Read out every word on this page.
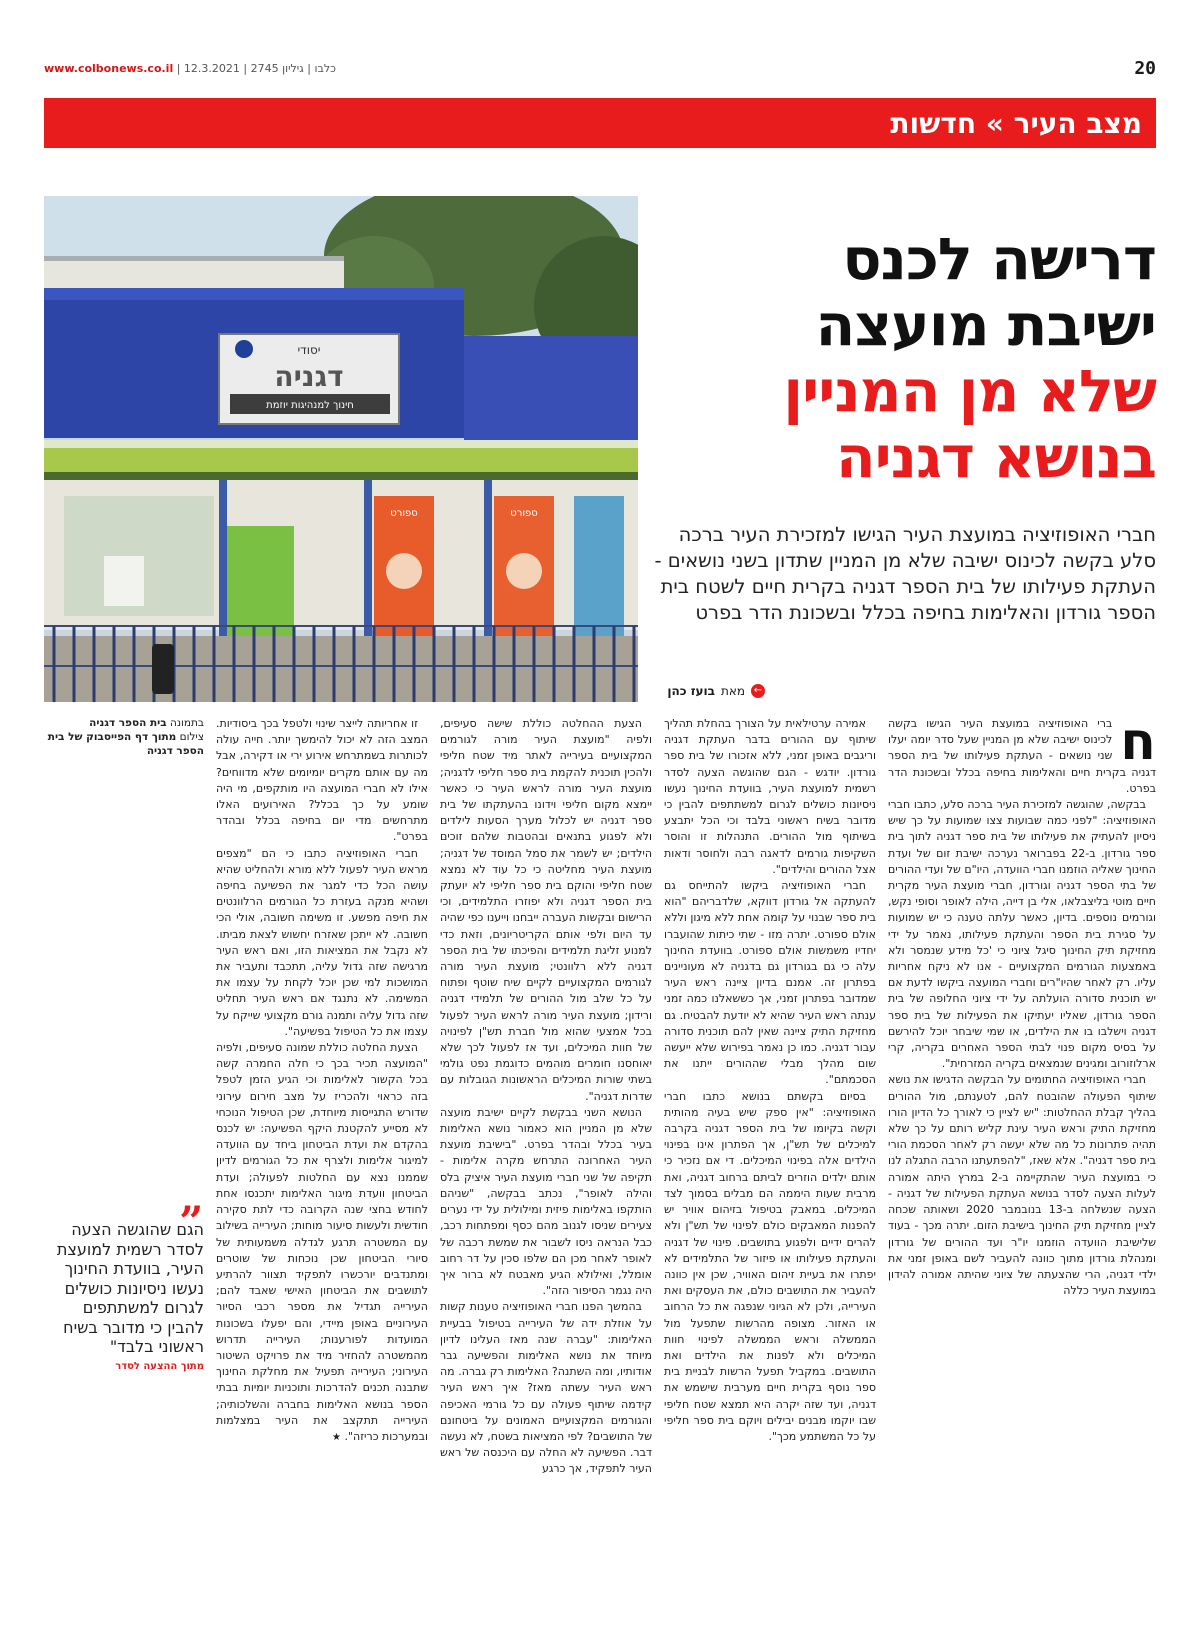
www.colbonews.co.il | כלבו | גיליון 2745 | 12.3.2021	20
מצב העיר » חדשות
יסודי
דגניה
חינוך למנהיגות יוזמת
ספורט	ספורט
דרישה לכנס
ישיבת מועצה
שלא מן המניין
בנושא דגניה
חברי האופוזיציה במועצת העיר הגישו למזכירת העיר ברכה סלע בקשה לכינוס ישיבה שלא מן המניין שתדון בשני נושאים - העתקת פעילותו של בית הספר דגניה בקרית חיים לשטח בית הספר גורדון והאלימות בחיפה בכלל ובשכונת הדר בפרט
←
מאת
בועז כהן

ח
ברי האופוזיציה במועצת העיר הגישו בקשה לכינוס ישיבה שלא מן המניין שעל סדר יומה יעלו שני נושאים - העתקת פעילותו של בית הספר דגניה בקרית חיים והאלימות בחיפה בכלל ובשכונת הדר בפרט.

בבקשה, שהוגשה למזכירת העיר ברכה סלע, כתבו חברי האופוזיציה: "לפני כמה שבועות צצו שמועות על כך שיש ניסיון להעתיק את פעילותו של בית ספר דגניה לתוך בית ספר גורדון. ב-22 בפברואר נערכה ישיבת זום של ועדת החינוך שאליה הוזמנו חברי הוועדה, היו"ם של ועדי ההורים של בתי הספר דגניה וגורדון, חברי מועצת העיר מקרית חיים מוטי בליצבלאו, אלי בן דייה, הילה לאופר וסופי נקש, וגורמים נוספים. בדיון, כאשר עלתה טענה כי יש שמועות על סגירת בית הספר והעתקת פעילותו, נאמר על ידי מחזיקת תיק החינוך סיגל ציוני כי 'כל מידע שנמסר ולא באמצעות הגורמים המקצועיים - אנו לא ניקח אחריות עליו. רק לאחר שהיו"רים וחברי המועצה ביקשו לדעת אם יש תוכנית סדורה הועלתה על ידי ציוני החלופה של בית הספר גורדון, שאליו יעתיקו את הפעילות של בית ספר דגניה וישלבו בו את הילדים, או שמי שיבחר יוכל להירשם על בסיס מקום פנוי לבתי הספר האחרים בקריה, קרי ארלוזורוב ומגינים שנמצאים בקריה המזרחית".

חברי האופוזיציה החתומים על הבקשה הדגישו את נושא שיתוף הפעולה שהובטח להם, לטענתם, מול ההורים בהליך קבלת ההחלטות: "יש לציין כי לאורך כל הדיון הורו מחזיקת התיק וראש העיר עינת קליש רותם על כך שלא תהיה פתרונות כל מה שלא יעשה רק לאחר הסכמת הורי בית ספר דגניה". אלא שאז, "להפתעתנו הרבה התגלה לנו כי במועצת העיר שהתקיימה ב-2 במרץ היתה אמורה לעלות הצעה לסדר בנושא העתקת הפעילות של דגניה - הצעה שנשלחה ב-13 בנובמבר 2020 ושאותה שכחה לציין מחזיקת תיק החינוך בישיבת הזום. יתרה מכך - בעוד שלישיבת הוועדה הוזמנו יו"ר ועד ההורים של גורדון ומנהלת גורדון מתוך כוונה להעביר לשם באופן זמני את ילדי דגניה, הרי שהצעתה של ציוני שהיתה אמורה להידון במועצת העיר כללה

אמירה ערטילאית על הצורך בהחלת תהליך שיתוף עם ההורים בדבר העתקת דגניה וריגבים באופן זמני, ללא אזכורו של בית ספר גורדון. יודגש - הגם שהוגשה הצעה לסדר רשמית למועצת העיר, בוועדת החינוך נעשו ניסיונות כושלים לגרום למשתתפים להבין כי מדובר בשיח ראשוני בלבד וכי הכל יתבצע בשיתוף מול ההורים. התנהלות זו והוסר השקיפות גורמים לדאגה רבה ולחוסר ודאות אצל ההורים והילדים".

חברי האופוזיציה ביקשו להתייחס גם להעתקה אל גורדון דווקא, שלדבריהם "הוא בית ספר שבנוי על קומה אחת ללא מיגון וללא אולם ספורט. יתרה מזו - שתי כיתות שהועברו יחדיו משמשות אולם ספורט. בוועדת החינוך עלה כי גם בגורדון גם בדגניה לא מעוניינים בפתרון זה. אמנם בדיון ציינה ראש העיר שמדובר בפתרון זמני, אך כששאלנו כמה זמני ענתה ראש העיר שהיא לא יודעת להבטיח. גם מחזיקת התיק ציינה שאין להם תוכנית סדורה עבור דגניה. כמו כן נאמר בפירוש שלא ייעשה שום מהלך מבלי שההורים ייתנו את הסכמתם".

בסיום בקשתם בנושא כתבו חברי האופוזיציה: "אין ספק שיש בעיה מהותית וקשה בקיומו של בית הספר דגניה בקרבה למיכלים של תש"ן, אך הפתרון אינו בפינוי הילדים אלה בפינוי המיכלים. די אם נזכיר כי אותם ילדים הוזרים לביתם ברחוב דגניה, ואת מרבית שעות היממה הם מבלים בסמוך לצד המיכלים. במאבק בטיפול בזיהום אוויר יש להפנות המאבקים כולם לפינוי של תש"ן ולא להרים ידיים ולפגוע בתושבים. פינוי של דגניה והעתקת פעילותו או פיזור של התלמידים לא יפתרו את בעיית זיהום האוויר, שכן אין כוונה להעביר את התושבים כולם, את העסקים ואת העירייה, ולכן לא הגיוני שנפגה את כל הרחוב או האזור. מצופה מהרשות שתפעל מול הממשלה וראש הממשלה לפינוי חוות המיכלים ולא לפנות את הילדים ואת התושבים. במקביל תפעל הרשות לבניית בית ספר נוסף בקרית חיים מערבית שישמש את דגניה, ועד שזה יקרה היא תמצא שטח חליפי שבו יוקמו מבנים יבילים ויוקם בית ספר חליפי על כל המשתמע מכך".

הצעת ההחלטה כוללת שישה סעיפים, ולפיה "מועצת העיר מורה לגורמים המקצועיים בעירייה לאתר מיד שטח חליפי ולהכין תוכנית להקמת בית ספר חליפי לדגניה; מועצת העיר מורה לראש העיר כי כאשר יימצא מקום חליפי וידונו בהעתקתו של בית ספר דגניה יש לכלול מערך הסעות לילדים ולא לפגוע בתנאים ובהטבות שלהם זוכים הילדים; יש לשמר את סמל המוסד של דגניה; מועצת העיר מחליטה כי כל עוד לא נמצא שטח חליפי והוקם בית ספר חליפי לא יועתק בית הספר דגניה ולא יפוזרו התלמידים, וכי הרישום ובקשות העברה ייבחנו וייענו כפי שהיה עד היום ולפי אותם הקריטריונים, וזאת כדי למנוע זליגת תלמידים והפיכתו של בית הספר דגניה ללא רלוונטי; מועצת העיר מורה לגורמים המקצועיים לקיים שיח שוטף ופתוח על כל שלב מול ההורים של תלמידי דגניה ורידון; מועצת העיר מורה לראש העיר לפעול בכל אמצעי שהוא מול חברת תש"ן לפינויה של חוות המיכלים, ועד אז לפעול לכך שלא יאוחסנו חומרים מוהמים כדוגמת נפט גולמי בשתי שורות המיכלים הראשונות הגובלות עם שדרות דגניה".

הנושא השני בבקשת לקיים ישיבת מועצה שלא מן המניין הוא כאמור נושא האלימות בעיר בכלל ובהדר בפרט. "בישיבת מועצת העיר האחרונה התרחש מקרה אלימות - תקיפה של שני חברי מועצת העיר איציק בלס והילה לאופר", נכתב בבקשה, "שניהם הותקפו באלימות פיזית ומילולית על ידי נערים צעירים שניסו לגנוב מהם כסף ומפתחות רכב, כבל הנראה ניסו לשבור את שמשת רכבה של לאופר לאחר מכן הם שלפו סכין על דר רחוב אומלל, ואילולא הגיע מאבטח לא ברור איך היה נגמר הסיפור הזה".

בהמשך הפנו חברי האופוזיציה טענות קשות על אוזלת ידה של העירייה בטיפול בבעיית האלימות: "עברה שנה מאז העלינו לדיון מיוחד את נושא האלימות והפשיעה גבר אודותיו, ומה השתנה? האלימות רק גברה. מה ראש העיר עשתה מאז? איך ראש העיר קידמה שיתוף פעולה עם כל גורמי האכיפה והגורמים המקצועיים האמונים על ביטחונם של התושבים? לפי המציאות בשטח, לא נעשה דבר. הפשיעה לא החלה עם היכנסה של ראש העיר לתפקיד, אך כרגע

זו אחריותה לייצר שינוי ולטפל בכך ביסודיות. המצב הזה לא יכול להימשך יותר. חייה עולה לכותרות בשמתרחש אירוע ירי או דקירה, אבל מה עם אותם מקרים יומיומים שלא מדווחים? אילו לא חברי המועצה היו מותקפים, מי היה שומע על כך בכלל? האירועים האלו מתרחשים מדי יום בחיפה בכלל ובהדר בפרט".

חברי האופוזיציה כתבו כי הם "מצפים מראש העיר לפעול ללא מורא ולהחליט שהיא עושה הכל כדי למגר את הפשיעה בחיפה ושהיא מנקה בעזרת כל הגורמים הרלוונטים את חיפה מפשע. זו משימה חשובה, אולי הכי חשובה. לא ייתכן שאזרח יחשוש לצאת מביתו. לא נקבל את המציאות הזו, ואם ראש העיר מרגישה שזה גדול עליה, תתכבד ותעביר את המושכות למי שכן יוכל לקחת על עצמו את המשימה. לא נתנגד אם ראש העיר תחליט שזה גדול עליה ותמנה גורם מקצועי שייקח על עצמו את כל הטיפול בפשיעה".

הצעת החלטה כוללת שמונה סעיפים, ולפיה "המועצה תכיר בכך כי חלה החמרה קשה בכל הקשור לאלימות וכי הגיע הזמן לטפל בזה כראוי ולהכריז על מצב חירום עירוני שדורש התגייסות מיוחדת, שכן הטיפול הנוכחי לא מסייע להקטנת היקף הפשיעה: יש לכנס בהקדם את ועדת הביטחון ביחד עם הוועדה למיגור אלימות ולצרף את כל הגורמים לדיון שממנו נצא עם החלטות לפעולה; ועדת הביטחון וועדת מיגור האלימות יתכנסו אחת לחודש בחצי שנה הקרובה כדי לתת סקירה חודשית ולעשות סיעור מוחות; העירייה בשילוב עם המשטרה תרגע לגדלה משמעותית של סיורי הביטחון שכן נוכחות של שוטרים ומתנדבים יורכשרו לתפקיד תצוור להרתיע לתושבים את הביטחון האישי שאבד להם; העירייה תגדיל את מספר רכבי הסיור העירוניים באופן מיידי, והם יפעלו בשכונות המועדות לפורענות; העירייה תדרוש מהמשטרה להחזיר מיד את פרויקט השיטור העירוני; העירייה תפעיל את מחלקת החינוך שתבנה תכנים להדרכות ותוכניות יומיות בבתי הספר בנושא האלימות בחברה והשלכותיה; העירייה תתקצב את העיר במצלמות ובמערכות כריזה". ★

בתמונה בית הספר דגניה
צילום מתוך דף הפייסבוק של בית הספר דגניה
„
הגם שהוגשה הצעה לסדר רשמית למועצת העיר, בוועדת החינוך נעשו ניסיונות כושלים לגרום למשתתפים להבין כי מדובר בשיח ראשוני בלבד"
מתוך ההצעה לסדר
